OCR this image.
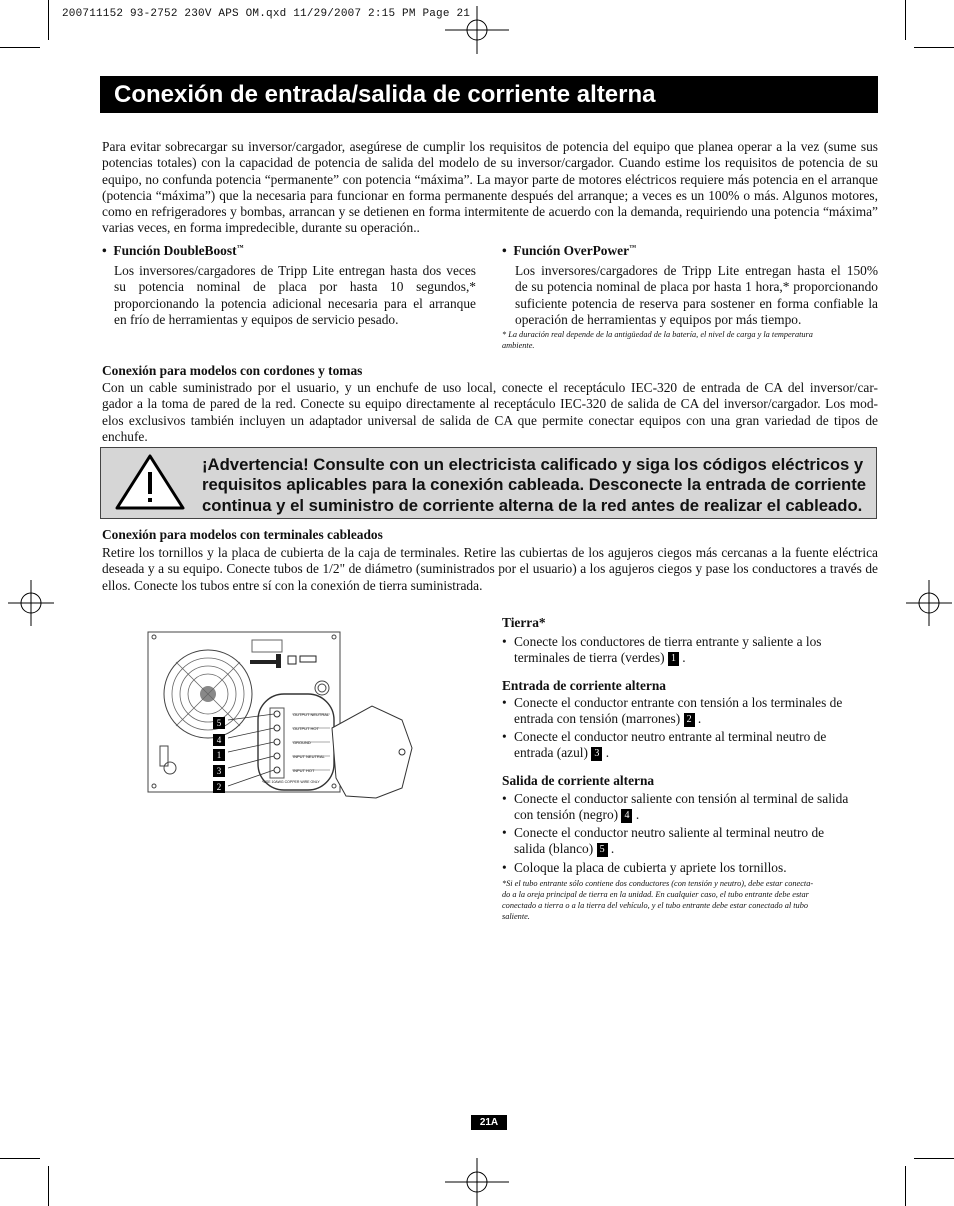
200711152 93-2752 230V APS OM.qxd 11/29/2007 2:15 PM Page 21
Conexión de entrada/salida de corriente alterna
Para evitar sobrecargar su inversor/cargador, asegúrese de cumplir los requisitos de potencia del equipo que planea operar a la vez (sume sus
potencias totales) con la capacidad de potencia de salida del modelo de su inversor/cargador. Cuando estime los requisitos de potencia de su
equipo, no confunda potencia “permanente” con potencia “máxima”. La mayor parte de motores eléctricos requiere más potencia en el arranque
(potencia “máxima”) que la necesaria para funcionar en forma permanente después del arranque; a veces es un 100% o más. Algunos motores,
como en refrigeradores y bombas, arrancan y se detienen en forma intermitente de acuerdo con la demanda, requiriendo una potencia “máxima”
varias veces, en forma impredecible, durante su operación..
• Función DoubleBoost™
Los inversores/cargadores de Tripp Lite entregan hasta dos veces
su potencia nominal de placa por hasta 10 segundos,*
proporcionando la potencia adicional necesaria para el arranque
en frío de herramientas y equipos de servicio pesado.
• Función OverPower™
Los inversores/cargadores de Tripp Lite entregan hasta el 150%
de su potencia nominal de placa por hasta 1 hora,* proporcionando
suficiente potencia de reserva para sostener en forma confiable la
operación de herramientas y equipos por más tiempo.
* La duración real depende de la antigüedad de la batería, el nivel de carga y la temperatura
ambiente.
Conexión para modelos con cordones y tomas
Con un cable suministrado por el usuario, y un enchufe de uso local, conecte el receptáculo IEC-320 de entrada de CA del inversor/car-
gador a la toma de pared de la red. Conecte su equipo directamente al receptáculo IEC-320 de salida de CA del inversor/cargador. Los mod-
elos exclusivos también incluyen un adaptador universal de salida de CA que permite conectar equipos con una gran variedad de tipos de
enchufe.
¡Advertencia! Consulte con un electricista calificado y siga los códigos eléctricos y
requisitos aplicables para la conexión cableada. Desconecte la entrada de corriente
continua y el suministro de corriente alterna de la red antes de realizar el cableado.
Conexión para modelos con terminales cableados
Retire los tornillos y la placa de cubierta de la caja de terminales. Retire las cubiertas de los agujeros ciegos más cercanas a la fuente eléctrica
deseada y a su equipo. Conecte tubos de 1/2" de diámetro (suministrados por el usuario) a los agujeros ciegos y pase los conductores a través de
ellos. Conecte los tubos entre sí con la conexión de tierra suministrada.
5
4
1
3
2
OUTPUT NEUTRAL
OUTPUT HOT
GROUND
INPUT NEUTRAL
INPUT HOT
*USE 10AWG COPPER WIRE ONLY
Tierra*
• Conecte los conductores de tierra entrante y saliente a los
terminales de tierra (verdes) 1 .
Entrada de corriente alterna
• Conecte el conductor entrante con tensión a los terminales de
entrada con tensión (marrones) 2 .
• Conecte el conductor neutro entrante al terminal neutro de
entrada (azul) 3 .
Salida de corriente alterna
• Conecte el conductor saliente con tensión al terminal de salida
con tensión (negro) 4 .
• Conecte el conductor neutro saliente al terminal neutro de
salida (blanco) 5 .
• Coloque la placa de cubierta y apriete los tornillos.
*Si el tubo entrante sólo contiene dos conductores (con tensión y neutro), debe estar conecta-
do a la oreja principal de tierra en la unidad. En cualquier caso, el tubo entrante debe estar
conectado a tierra o a la tierra del vehículo, y el tubo entrante debe estar conectado al tubo
saliente.
21A
